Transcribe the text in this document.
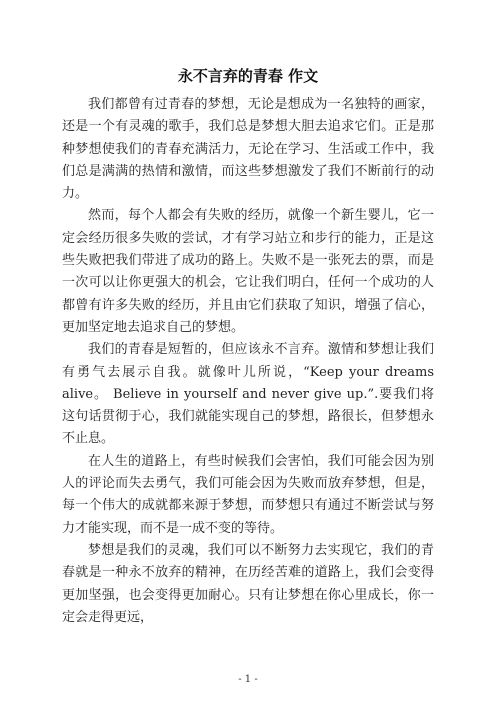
永不言弃的青春 作文

我们都曾有过青春的梦想，无论是想成为一名独特的画家，还是一个有灵魂的歌手，我们总是梦想大胆去追求它们。正是那种梦想使我们的青春充满活力，无论在学习、生活或工作中，我们总是满满的热情和激情，而这些梦想激发了我们不断前行的动力。

然而，每个人都会有失败的经历，就像一个新生婴儿，它一定会经历很多失败的尝试，才有学习站立和步行的能力，正是这些失败把我们带进了成功的路上。失败不是一张死去的票，而是一次可以让你更强大的机会，它让我们明白，任何一个成功的人都曾有许多失败的经历，并且由它们获取了知识，增强了信心，更加坚定地去追求自己的梦想。

我们的青春是短暂的，但应该永不言弃。激情和梦想让我们有勇气去展示自我。就像叶儿所说，“Keep your dreams alive。 Believe in yourself and never give up.”.要我们将这句话贯彻于心，我们就能实现自己的梦想，路很长，但梦想永不止息。

在人生的道路上，有些时候我们会害怕，我们可能会因为别人的评论而失去勇气，我们可能会因为失败而放弃梦想，但是，每一个伟大的成就都来源于梦想，而梦想只有通过不断尝试与努力才能实现，而不是一成不变的等待。

梦想是我们的灵魂，我们可以不断努力去实现它，我们的青春就是一种永不放弃的精神，在历经苦难的道路上，我们会变得更加坚强，也会变得更加耐心。只有让梦想在你心里成长，你一定会走得更远，

- 1 -
